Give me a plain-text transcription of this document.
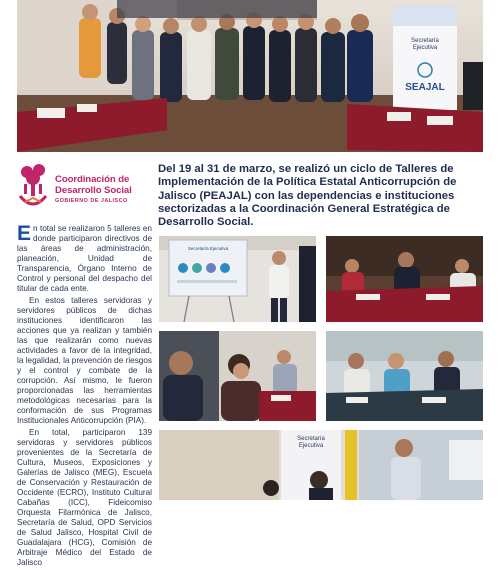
Secretaría
Ejecutiva
SEAJAL
Coordinación de
Desarrollo Social
GOBIERNO DE JALISCO
Del 19 al 31 de marzo, se realizó un ciclo de Talleres de Implementación de la Política Estatal Anticorrupción de Jalisco (PEAJAL) con las dependencias e instituciones sectorizadas a la Coordinación General Estratégica de Desarrollo Social.

En total se realizaron 5 talleres en donde participaron directivos de las áreas de administración, planeación, Unidad de Transparencia, Órgano Interno de Control y personal del despacho del titular de cada ente.

En estos talleres servidoras y servidores públicos de dichas instituciones identificaron las acciones que ya realizan y también las que realizarán como nuevas actividades a favor de la integridad, la legalidad, la prevención de riesgos y el control y combate de la corrupción. Así mismo, le fueron proporcionadas las herramientas metodológicas necesarias para la conformación de sus Programas Institucionales Anticorrupción (PIA).

En total, participaron 139 servidoras y servidores públicos provenientes de la Secretaría de Cultura, Museos, Exposiciones y Galerías de Jalisco (MEG), Escuela de Conservación y Restauración de Occidente (ECRO), Instituto Cultural Cabañas (ICC), Fideicomiso Orquesta Filarmónica de Jalisco, Secretaría de Salud, OPD Servicios de Salud Jalisco, Hospital Civil de Guadalajara (HCG), Comisión de Arbitraje Médico del Estado de Jalisco

Secretaría Ejecutiva
Secretaría
Ejecutiva
